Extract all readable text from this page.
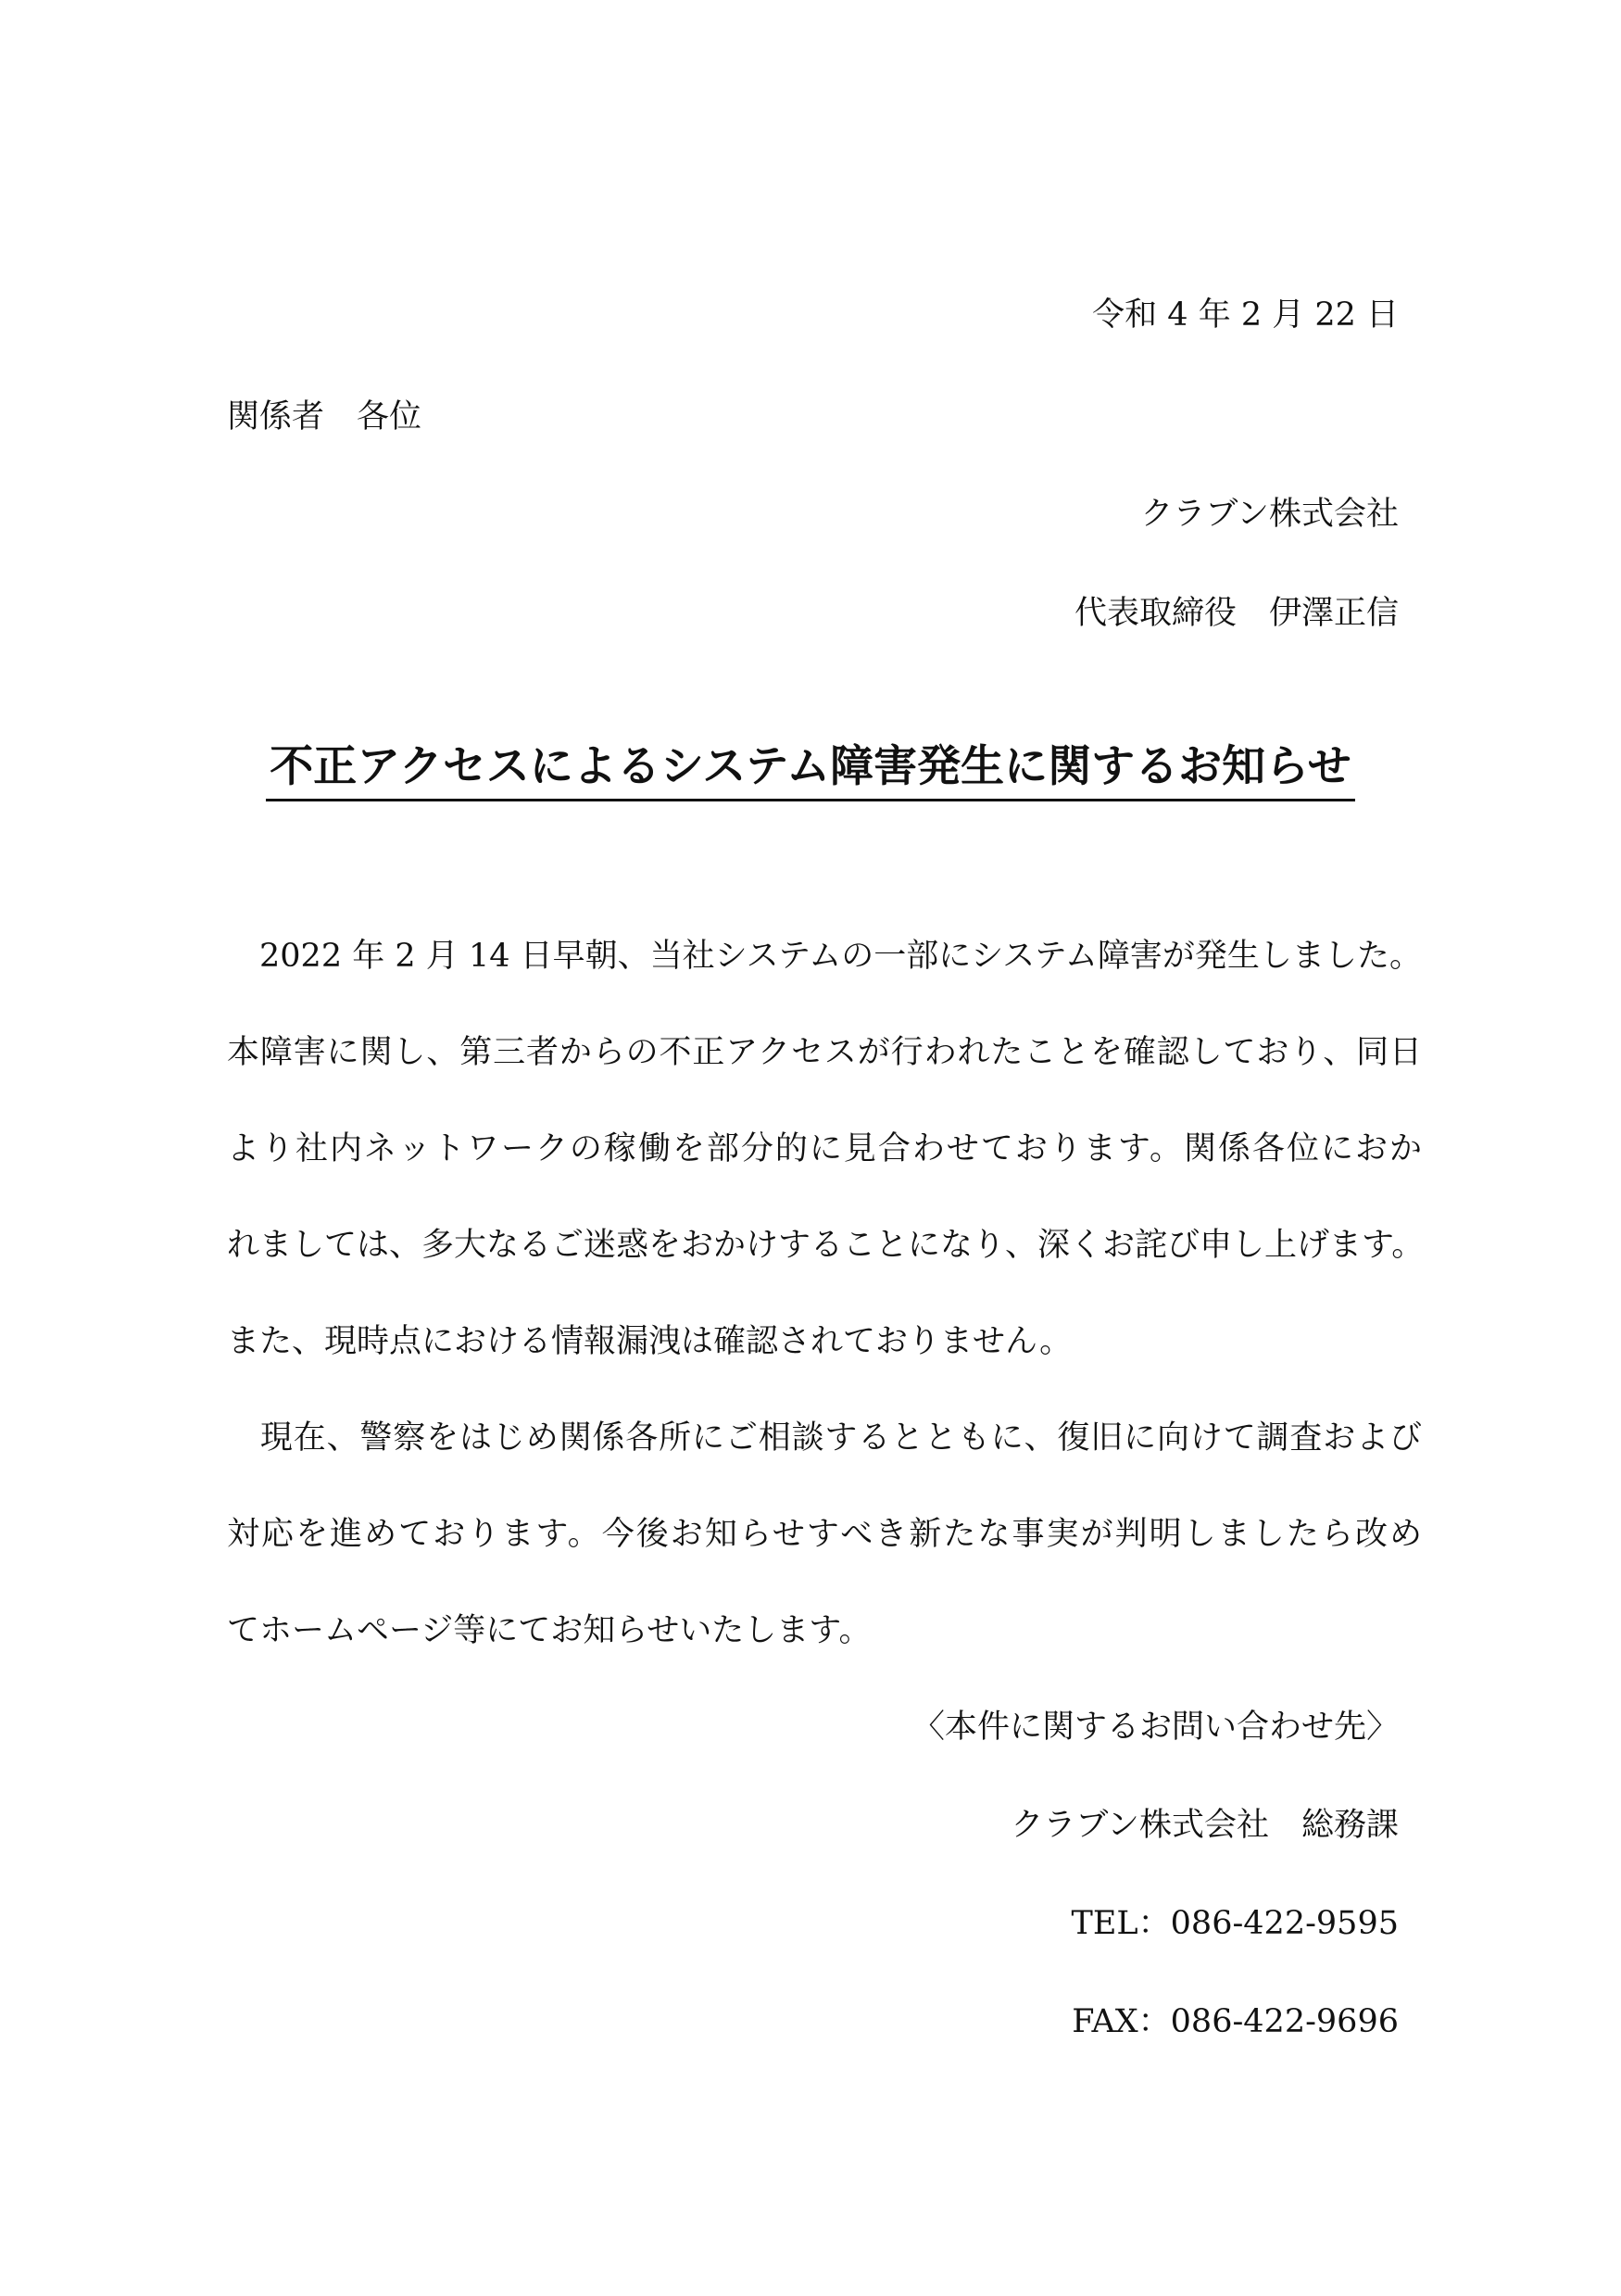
令和 4 年 2 月 22 日
関係者　各位
クラブン株式会社
代表取締役　伊澤正信
不正アクセスによるシステム障害発生に関するお知らせ
　2022 年 2 月 14 日早朝、当社システムの一部にシステム障害が発生しました。
本障害に関し、第三者からの不正アクセスが行われたことを確認しており、同日
より社内ネットワークの稼働を部分的に見合わせております。関係各位におか
れましては、多大なるご迷惑をおかけすることになり、深くお詫び申し上げます。
また、現時点における情報漏洩は確認されておりません。
　現在、警察をはじめ関係各所にご相談するとともに、復旧に向けて調査および
対応を進めております。今後お知らせすべき新たな事実が判明しましたら改め
てホームページ等にてお知らせいたします。
〈本件に関するお問い合わせ先〉
クラブン株式会社　総務課
TEL：086-422-9595
FAX：086-422-9696
